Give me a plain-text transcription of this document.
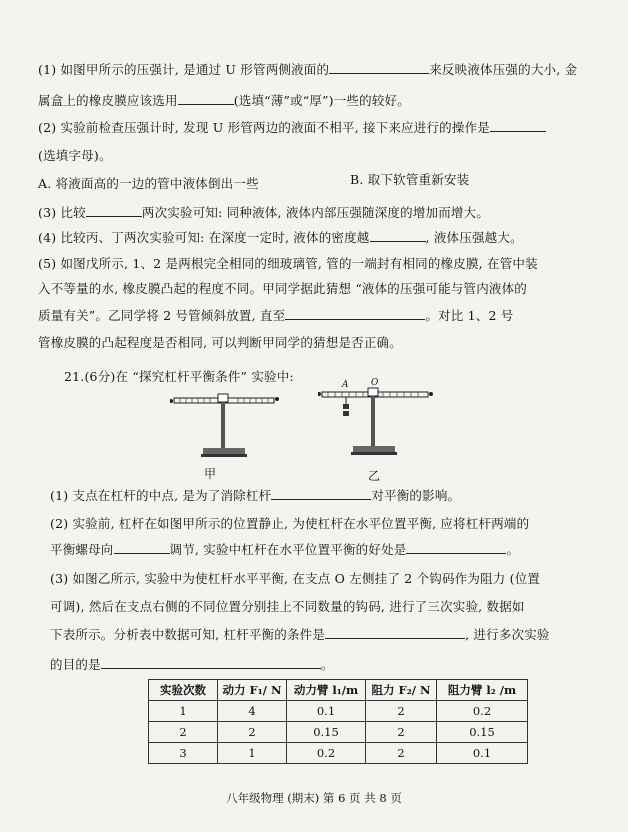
(1) 如图甲所示的压强计, 是通过 U 形管两侧液面的	来反映液体压强的大小, 金
属盒上的橡皮膜应该选用	(选填“薄”或“厚”)一些的较好。
(2) 实验前检查压强计时, 发现 U 形管两边的液面不相平, 接下来应进行的操作是
(选填字母)。
A. 将液面高的一边的管中液体倒出一些	B. 取下软管重新安装
(3) 比较	两次实验可知: 同种液体, 液体内部压强随深度的增加而增大。
(4) 比较丙、丁两次实验可知: 在深度一定时, 液体的密度越	, 液体压强越大。
(5) 如图戊所示, 1、2 是两根完全相同的细玻璃管, 管的一端封有相同的橡皮膜, 在管中装
入不等量的水, 橡皮膜凸起的程度不同。甲同学据此猜想 “液体的压强可能与管内液体的
质量有关”。乙同学将 2 号管倾斜放置, 直至	。对比 1、2 号
管橡皮膜的凸起程度是否相同, 可以判断甲同学的猜想是否正确。
21.(6分)在 “探究杠杆平衡条件” 实验中:
甲
A	O
乙
(1) 支点在杠杆的中点, 是为了消除杠杆	对平衡的影响。
(2) 实验前, 杠杆在如图甲所示的位置静止, 为使杠杆在水平位置平衡, 应将杠杆两端的
平衡螺母向	调节, 实验中杠杆在水平位置平衡的好处是	。
(3) 如图乙所示, 实验中为使杠杆水平平衡, 在支点 O 左侧挂了 2 个钩码作为阻力 (位置
可调), 然后在支点右侧的不同位置分别挂上不同数量的钩码, 进行了三次实验, 数据如
下表所示。分析表中数据可知, 杠杆平衡的条件是	, 进行多次实验
的目的是	。
实验次数	动力 F₁/ N	动力臂 l₁/m	阻力 F₂/ N	阻力臂 l₂ /m
1	4	0.1	2	0.2
2	2	0.15	2	0.15
3	1	0.2	2	0.1
八年级物理 (期末) 第 6 页 共 8 页
